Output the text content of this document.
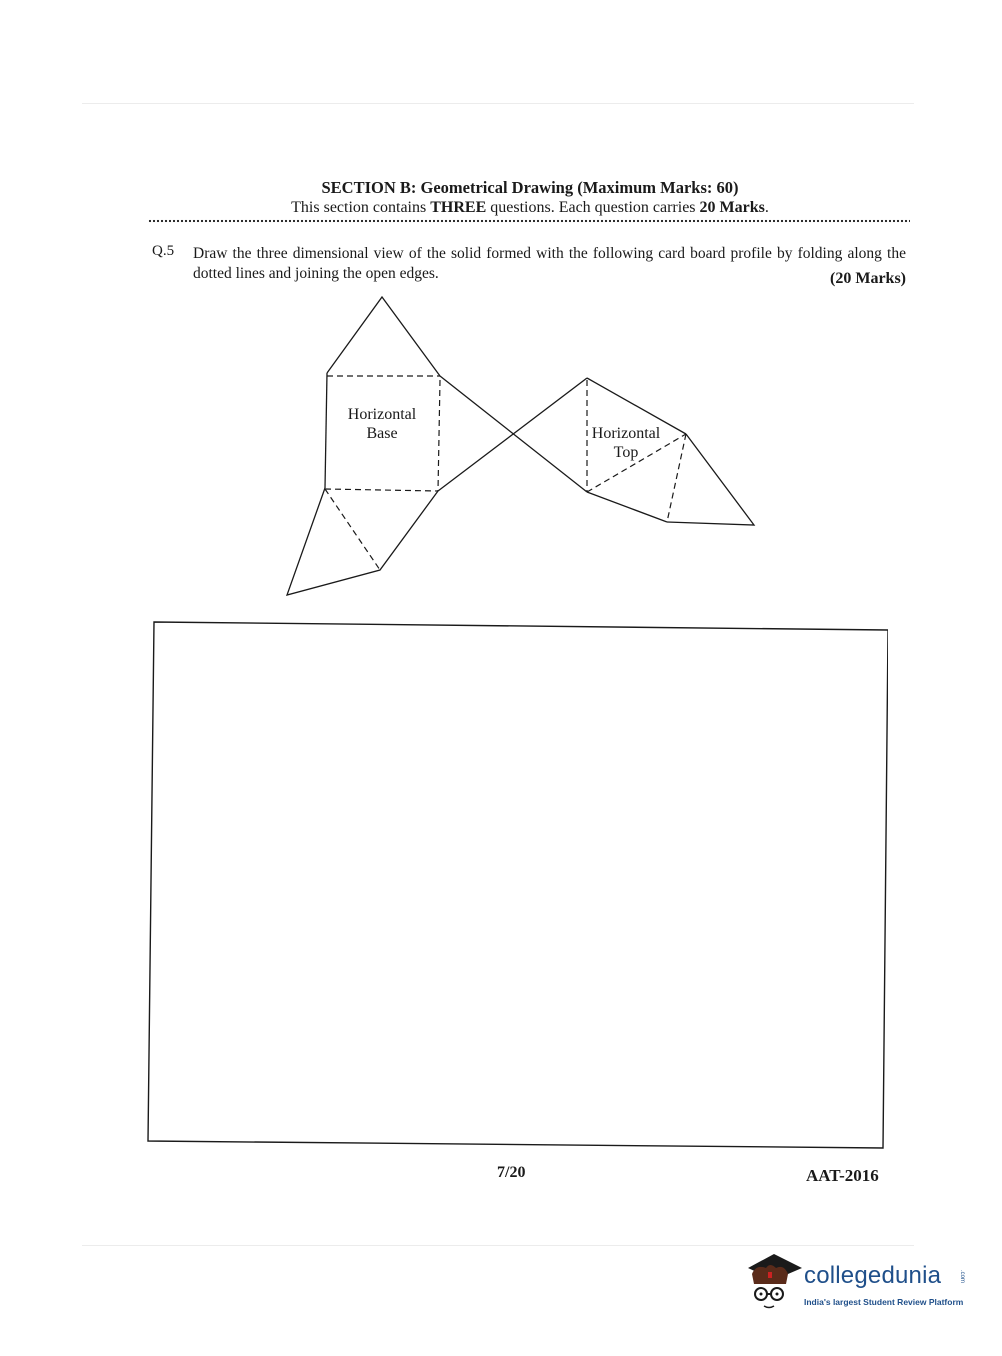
SECTION B: Geometrical Drawing (Maximum Marks: 60)
This section contains THREE questions. Each question carries 20 Marks.
Q.5 Draw the three dimensional view of the solid formed with the following card board profile by folding along the dotted lines and joining the open edges.	(20 Marks)
Horizontal
Base	Horizontal
Top
7/20	AAT-2016
collegedunia	.com
India's largest Student Review Platform
